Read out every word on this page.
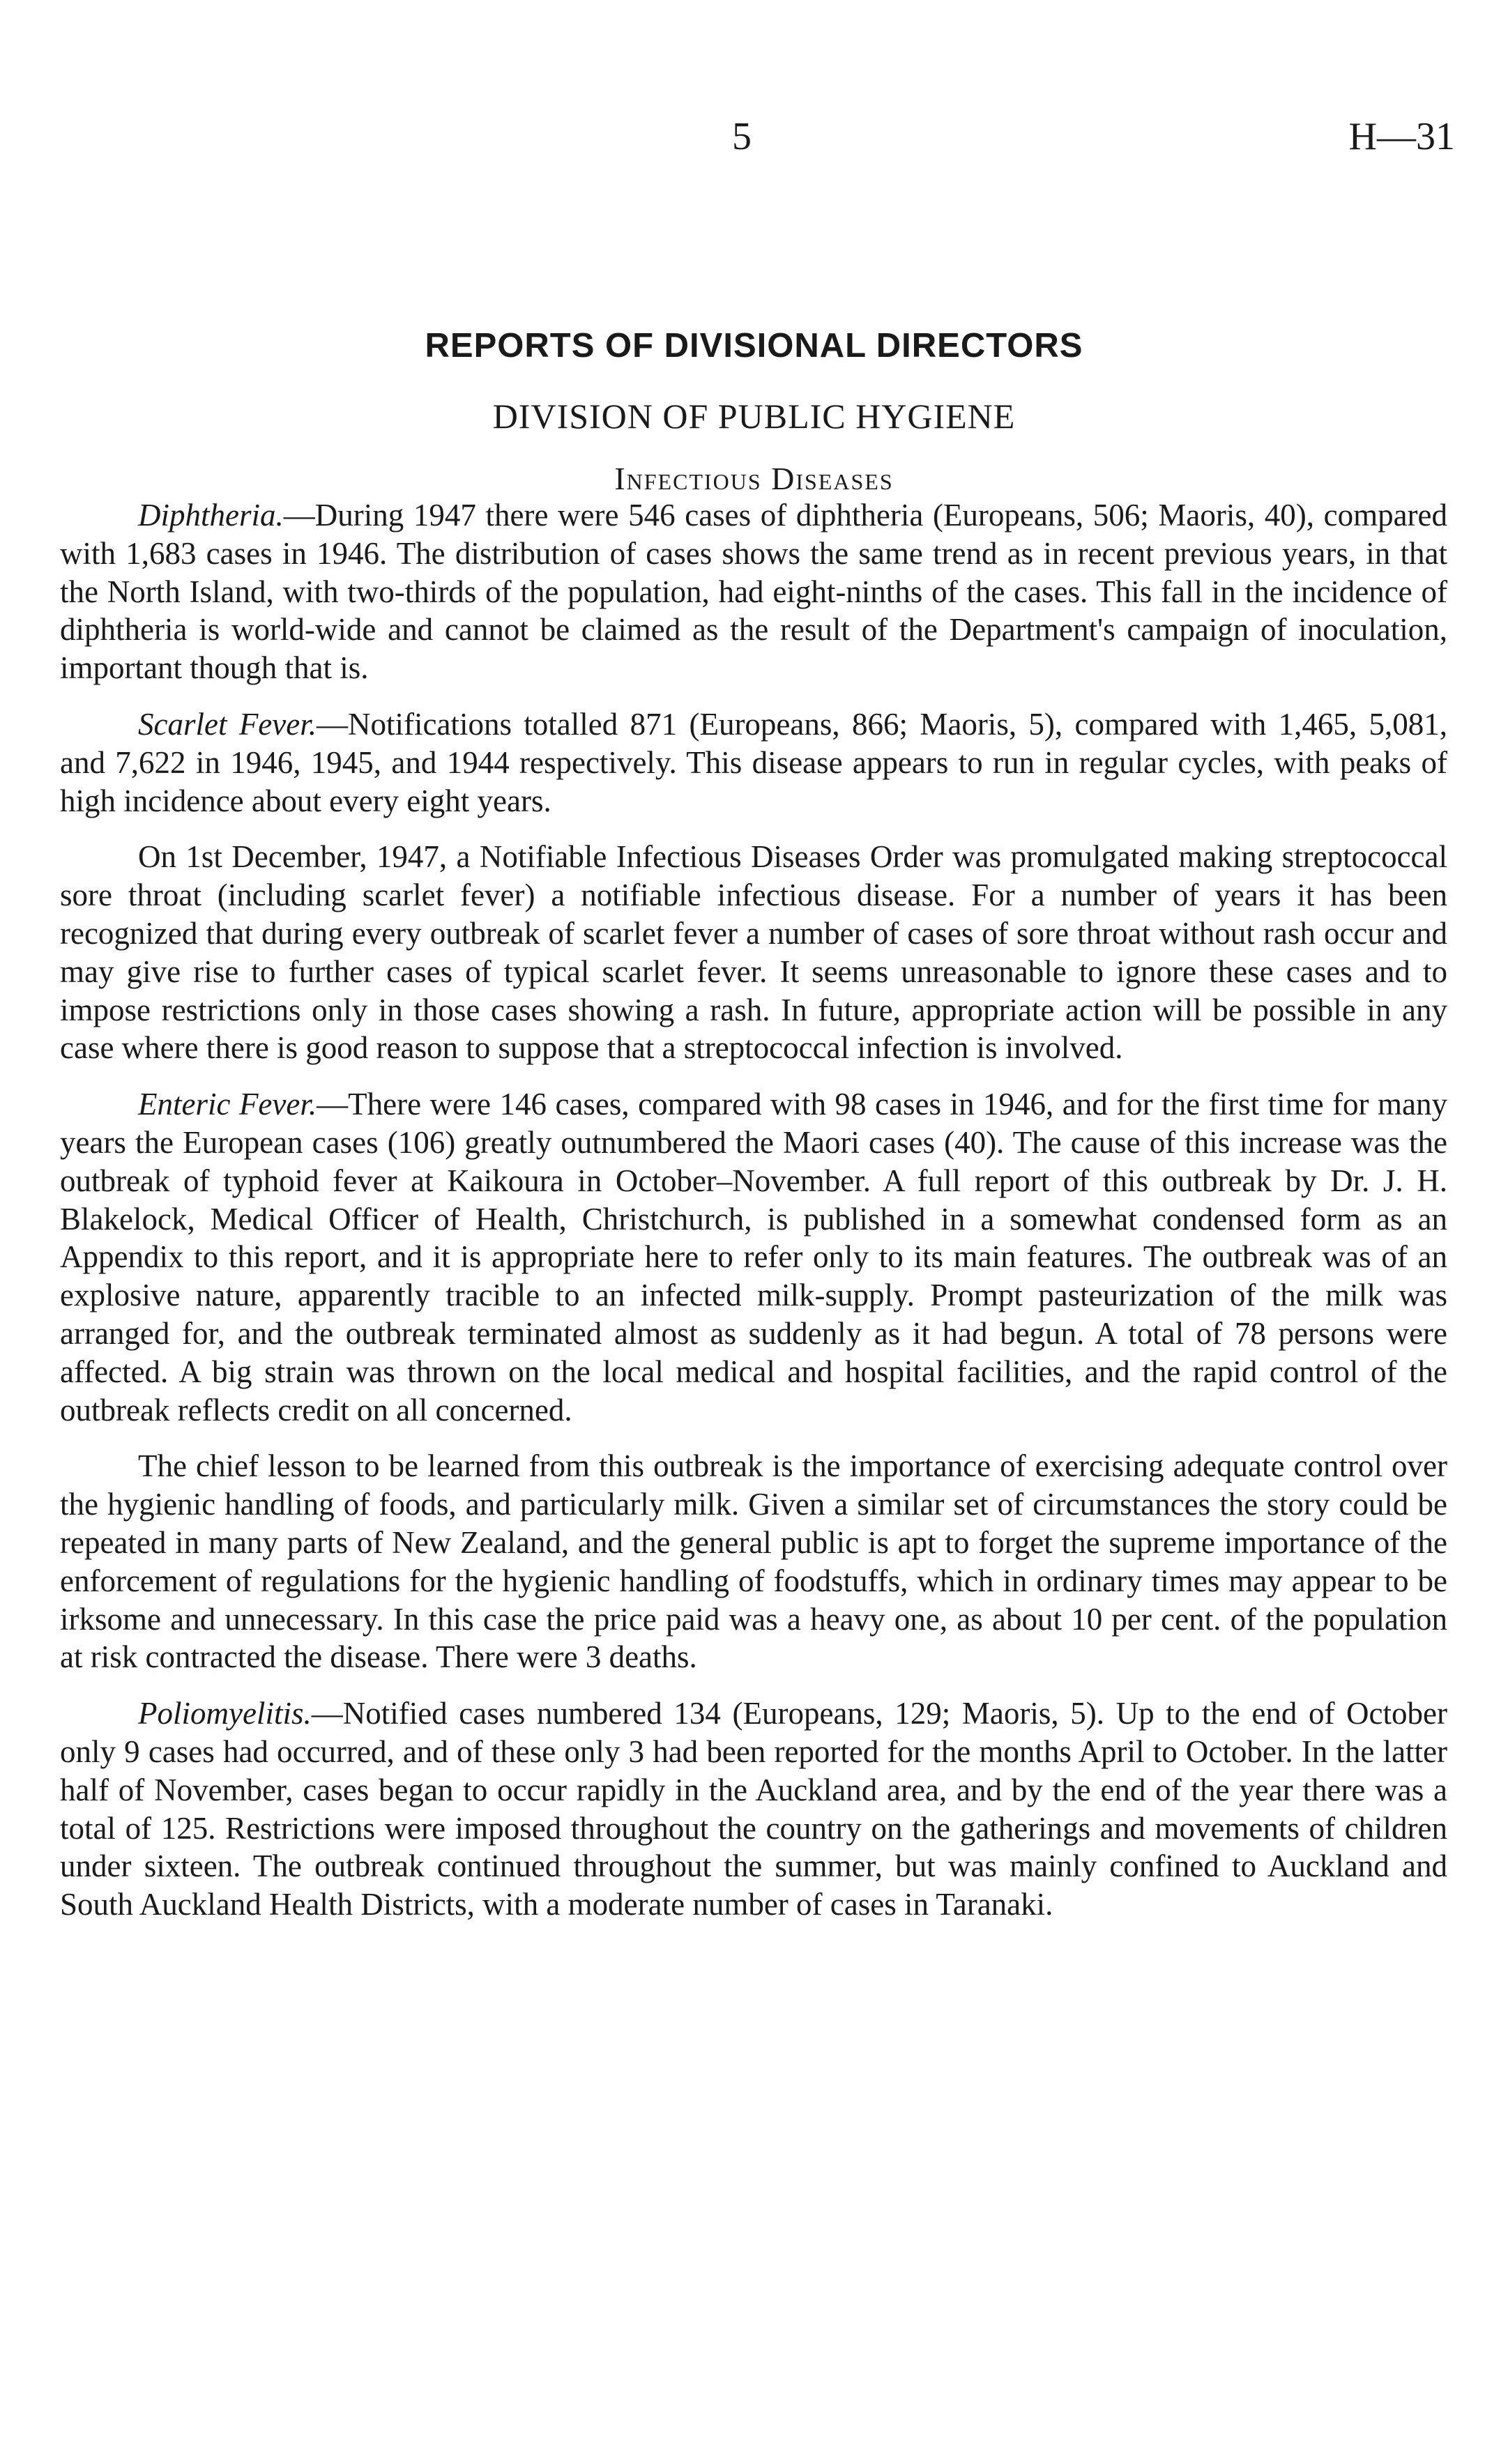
5	H—31
REPORTS OF DIVISIONAL DIRECTORS
DIVISION OF PUBLIC HYGIENE
Infectious Diseases

Diphtheria.—During 1947 there were 546 cases of diphtheria (Europeans, 506; Maoris, 40), compared with 1,683 cases in 1946. The distribution of cases shows the same trend as in recent previous years, in that the North Island, with two-thirds of the population, had eight-ninths of the cases. This fall in the incidence of diphtheria is world-wide and cannot be claimed as the result of the Department's campaign of inoculation, important though that is.

Scarlet Fever.—Notifications totalled 871 (Europeans, 866; Maoris, 5), compared with 1,465, 5,081, and 7,622 in 1946, 1945, and 1944 respectively. This disease appears to run in regular cycles, with peaks of high incidence about every eight years.

On 1st December, 1947, a Notifiable Infectious Diseases Order was promulgated making streptococcal sore throat (including scarlet fever) a notifiable infectious disease. For a number of years it has been recognized that during every outbreak of scarlet fever a number of cases of sore throat without rash occur and may give rise to further cases of typical scarlet fever. It seems unreasonable to ignore these cases and to impose restrictions only in those cases showing a rash. In future, appropriate action will be possible in any case where there is good reason to suppose that a streptococcal infection is involved.

Enteric Fever.—There were 146 cases, compared with 98 cases in 1946, and for the first time for many years the European cases (106) greatly outnumbered the Maori cases (40). The cause of this increase was the outbreak of typhoid fever at Kaikoura in October–November. A full report of this outbreak by Dr. J. H. Blakelock, Medical Officer of Health, Christchurch, is published in a somewhat condensed form as an Appendix to this report, and it is appropriate here to refer only to its main features. The outbreak was of an explosive nature, apparently tracible to an infected milk-supply. Prompt pasteurization of the milk was arranged for, and the outbreak terminated almost as suddenly as it had begun. A total of 78 persons were affected. A big strain was thrown on the local medical and hospital facilities, and the rapid control of the outbreak reflects credit on all concerned.

The chief lesson to be learned from this outbreak is the importance of exercising adequate control over the hygienic handling of foods, and particularly milk. Given a similar set of circumstances the story could be repeated in many parts of New Zealand, and the general public is apt to forget the supreme importance of the enforcement of regulations for the hygienic handling of foodstuffs, which in ordinary times may appear to be irksome and unnecessary. In this case the price paid was a heavy one, as about 10 per cent. of the population at risk contracted the disease. There were 3 deaths.

Poliomyelitis.—Notified cases numbered 134 (Europeans, 129; Maoris, 5). Up to the end of October only 9 cases had occurred, and of these only 3 had been reported for the months April to October. In the latter half of November, cases began to occur rapidly in the Auckland area, and by the end of the year there was a total of 125. Restrictions were imposed throughout the country on the gatherings and movements of children under sixteen. The outbreak continued throughout the summer, but was mainly confined to Auckland and South Auckland Health Districts, with a moderate number of cases in Taranaki.
